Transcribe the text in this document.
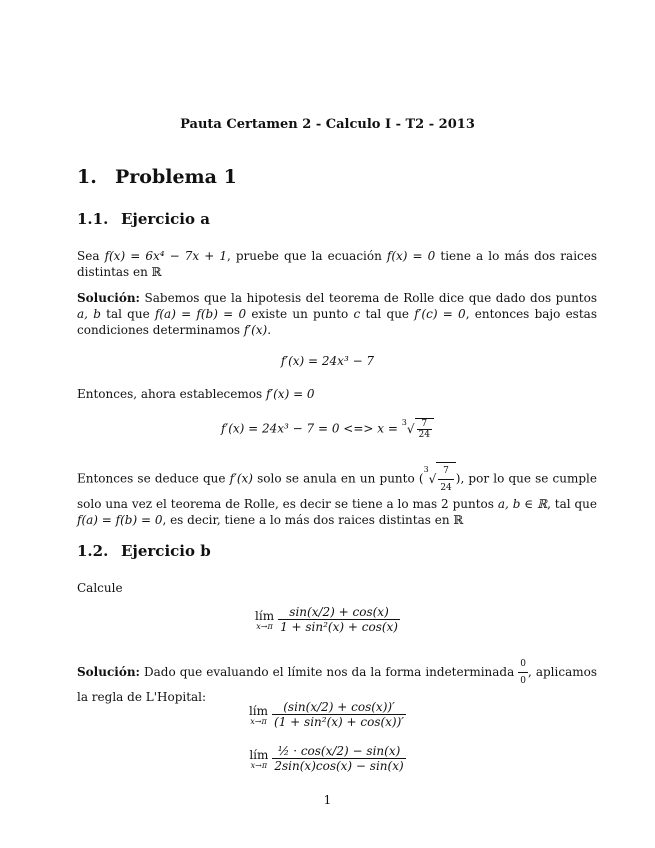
Pauta Certamen 2 - Calculo I - T2 - 2013
1. Problema 1
1.1. Ejercicio a
Sea f(x) = 6x⁴ − 7x + 1, pruebe que la ecuación f(x) = 0 tiene a lo más dos raices distintas en ℝ
Solución: Sabemos que la hipotesis del teorema de Rolle dice que dado dos puntos a, b tal que f(a) = f(b) = 0 existe un punto c tal que f′(c) = 0, entonces bajo estas condiciones determinamos f′(x).
f′(x) = 24x³ − 7
Entonces, ahora establecemos f′(x) = 0
f′(x) = 24x³ − 7 = 0 <=> $x = ^3√ \frac{7}{24}$
Entonces se deduce que f′(x) solo se anula en un punto ($^3√ \frac{7}{24}$ ), por lo que se cumple solo una vez el teorema de Rolle, es decir se tiene a lo mas 2 puntos a, b ∈ ℝ, tal que f(a) = f(b) = 0, es decir, tiene a lo más dos raices distintas en ℝ
1.2. Ejercicio b
Calcule
lím
$x\to\pi \frac{\sin(x/2) + \cos(x)}{\text{1 + sin²(x) + cos(x)}}$
Solución: Dado que evaluando el límite nos da la forma indeterminada $\frac{0}{0}$ , aplicamos la regla de L'Hopital:
lím
$x\to\pi \frac{(\sin(x/2) + \cos(x))'}{\text{(1 + sin²(x) + cos(x))′}}$
lím
$x\to\pi \frac{\text{½ · cos(x/2) − sin(x)}}{2\sin(x)\cos(x) - \sin(x)}$
1
